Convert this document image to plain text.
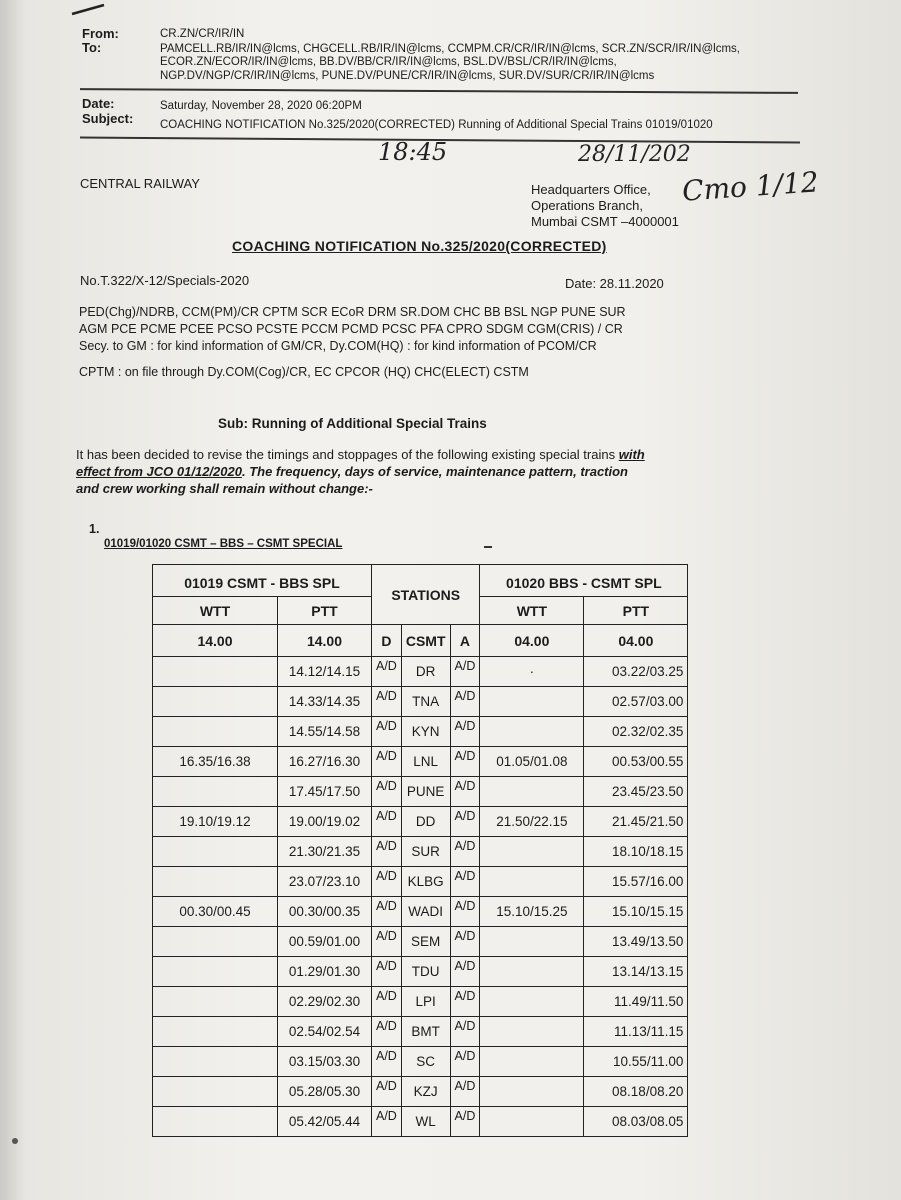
From:	CR.ZN/CR/IR/IN
To:	PAMCELL.RB/IR/IN@lcms, CHGCELL.RB/IR/IN@lcms, CCMPM.CR/CR/IR/IN@lcms, SCR.ZN/SCR/IR/IN@lcms,
ECOR.ZN/ECOR/IR/IN@lcms, BB.DV/BB/CR/IR/IN@lcms, BSL.DV/BSL/CR/IR/IN@lcms,
NGP.DV/NGP/CR/IR/IN@lcms, PUNE.DV/PUNE/CR/IR/IN@lcms, SUR.DV/SUR/CR/IR/IN@lcms
Date:	Saturday, November 28, 2020 06:20PM
Subject: COACHING NOTIFICATION No.325/2020(CORRECTED) Running of Additional Special Trains 01019/01020
18:45	28/11/202
Cmo 1/12
CENTRAL RAILWAY	Headquarters Office,
Operations Branch,
Mumbai CSMT –4000001
COACHING NOTIFICATION No.325/2020(CORRECTED)
No.T.322/X-12/Specials-2020	Date: 28.11.2020
PED(Chg)/NDRB, CCM(PM)/CR CPTM SCR ECoR DRM SR.DOM CHC BB BSL NGP PUNE SUR
AGM PCE PCME PCEE PCSO PCSTE PCCM PCMD PCSC PFA CPRO SDGM CGM(CRIS) / CR
Secy. to GM : for kind information of GM/CR, Dy.COM(HQ) : for kind information of PCOM/CR
CPTM : on file through Dy.COM(Cog)/CR, EC CPCOR (HQ) CHC(ELECT) CSTM
Sub: Running of Additional Special Trains
It has been decided to revise the timings and stoppages of the following existing special trains with
effect from JCO 01/12/2020. The frequency, days of service, maintenance pattern, traction
and crew working shall remain without change:-
1.
01019/01020 CSMT – BBS – CSMT SPECIAL
01019 CSMT - BBS SPL		STATIONS			01020 BBS - CSMT SPL	
WTT	PTT				WTT	PTT
14.00	14.00	D	CSMT	A	04.00	04.00
	14.12/14.15	A/D	DR	A/D	·	03.22/03.25
	14.33/14.35	A/D	TNA	A/D		02.57/03.00
	14.55/14.58	A/D	KYN	A/D		02.32/02.35
16.35/16.38	16.27/16.30	A/D	LNL	A/D	01.05/01.08	00.53/00.55
	17.45/17.50	A/D	PUNE	A/D		23.45/23.50
19.10/19.12	19.00/19.02	A/D	DD	A/D	21.50/22.15	21.45/21.50
	21.30/21.35	A/D	SUR	A/D		18.10/18.15
	23.07/23.10	A/D	KLBG	A/D		15.57/16.00
00.30/00.45	00.30/00.35	A/D	WADI	A/D	15.10/15.25	15.10/15.15
	00.59/01.00	A/D	SEM	A/D		13.49/13.50
	01.29/01.30	A/D	TDU	A/D		13.14/13.15
	02.29/02.30	A/D	LPI	A/D		11.49/11.50
	02.54/02.54	A/D	BMT	A/D		11.13/11.15
	03.15/03.30	A/D	SC	A/D		10.55/11.00
	05.28/05.30	A/D	KZJ	A/D		08.18/08.20
	05.42/05.44	A/D	WL	A/D		08.03/08.05
